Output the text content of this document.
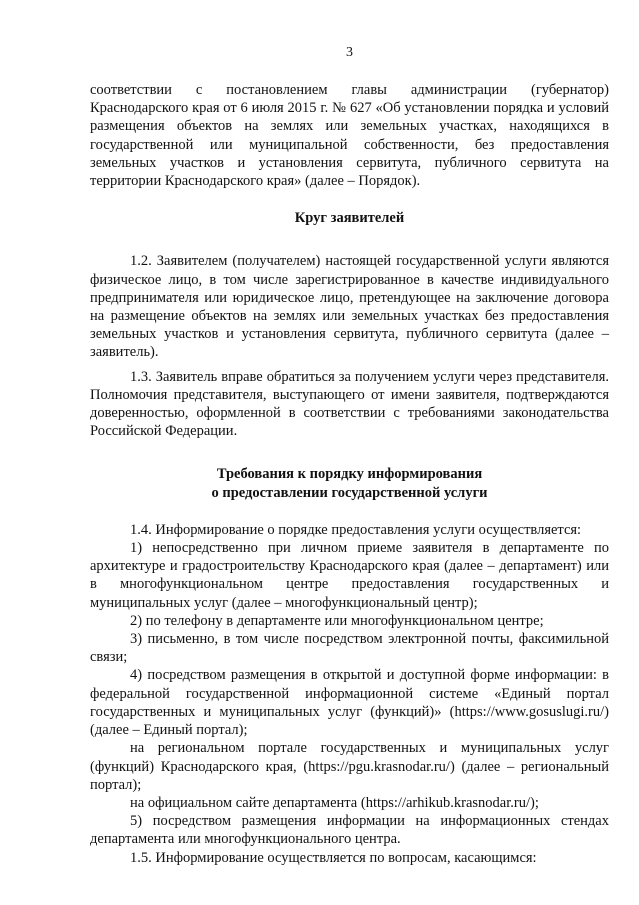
3

соответствии с постановлением главы администрации (губернатор) Краснодарского края от 6 июля 2015 г. № 627 «Об установлении порядка и условий размещения объектов на землях или земельных участках, находящихся в государственной или муниципальной собственности, без предоставления земельных участков и установления сервитута, публичного сервитута на территории Краснодарского края» (далее – Порядок).

Круг заявителей

1.2. Заявителем (получателем) настоящей государственной услуги являются физическое лицо, в том числе зарегистрированное в качестве индивидуального предпринимателя или юридическое лицо, претендующее на заключение договора на размещение объектов на землях или земельных участках без предоставления земельных участков и установления сервитута, публичного сервитута (далее – заявитель).

1.3. Заявитель вправе обратиться за получением услуги через представителя. Полномочия представителя, выступающего от имени заявителя, подтверждаются доверенностью, оформленной в соответствии с требованиями законодательства Российской Федерации.

Требования к порядку информирования
о предоставлении государственной услуги

1.4. Информирование о порядке предоставления услуги осуществляется:

1) непосредственно при личном приеме заявителя в департаменте по архитектуре и градостроительству Краснодарского края (далее – департамент) или в многофункциональном центре предоставления государственных и муниципальных услуг (далее – многофункциональный центр);

2) по телефону в департаменте или многофункциональном центре;

3) письменно, в том числе посредством электронной почты, факсимильной связи;

4) посредством размещения в открытой и доступной форме информации: в федеральной государственной информационной системе «Единый портал государственных и муниципальных услуг (функций)» (https://www.gosuslugi.ru/) (далее – Единый портал);

на региональном портале государственных и муниципальных услуг (функций) Краснодарского края, (https://pgu.krasnodar.ru/) (далее – региональный портал);

на официальном сайте департамента (https://arhikub.krasnodar.ru/);

5) посредством размещения информации на информационных стендах департамента или многофункционального центра.

1.5. Информирование осуществляется по вопросам, касающимся:
